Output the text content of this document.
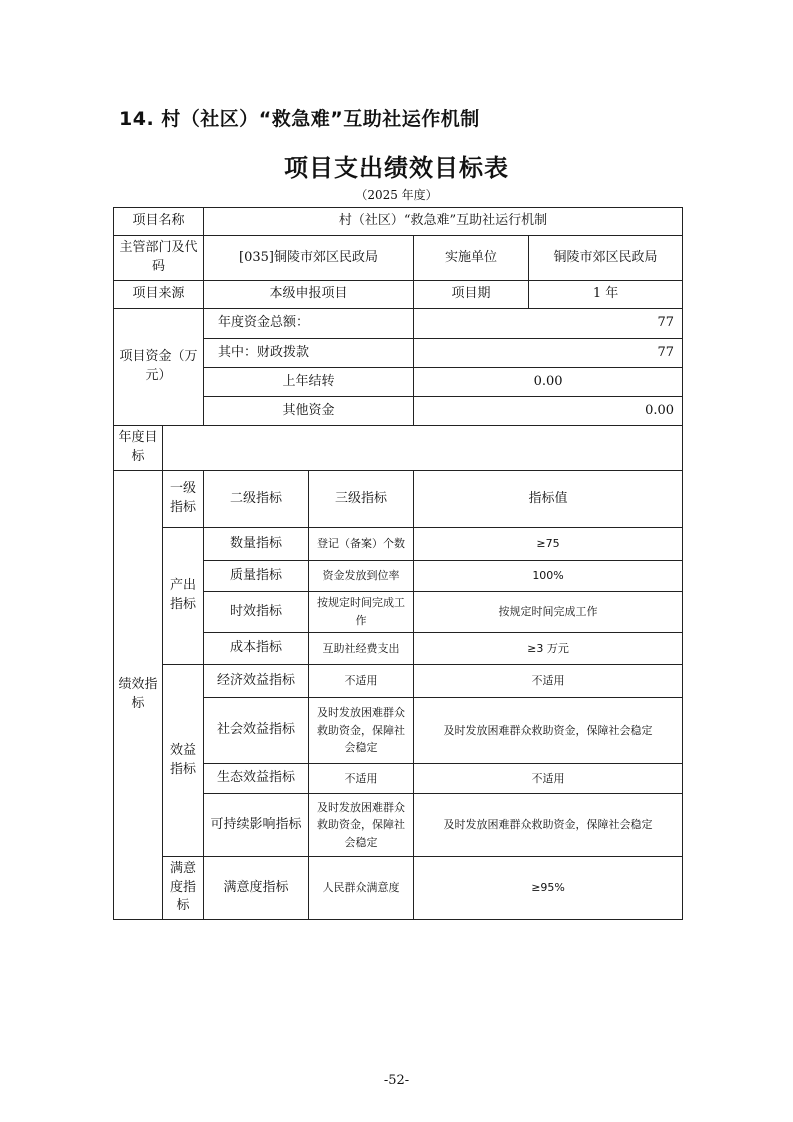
14. 村（社区）“救急难”互助社运作机制
项目支出绩效目标表
（2025 年度）
项目名称		村（社区）“救急难”互助社运行机制			
主管部门及代码		[035]铜陵市郊区民政局		实施单位	铜陵市郊区民政局
项目来源		本级申报项目		项目期	1 年
项目资金（万元）		年度资金总额：		77	
		其中：财政拨款		77	
		上年结转		0.00	
		其他资金		0.00	
年度目标					
绩效指标	一级指标	二级指标	三级指标	指标值	
	产出指标	数量指标	登记（备案）个数	≥75	
		质量指标	资金发放到位率	100%	
		时效指标	按规定时间完成工作	按规定时间完成工作	
		成本指标	互助社经费支出	≥3 万元	
	效益指标	经济效益指标	不适用	不适用	
		社会效益指标	及时发放困难群众救助资金，保障社会稳定	及时发放困难群众救助资金，保障社会稳定	
		生态效益指标	不适用	不适用	
		可持续影响指标	及时发放困难群众救助资金，保障社会稳定	及时发放困难群众救助资金，保障社会稳定	
	满意度指标	满意度指标	人民群众满意度	≥95%	
-52-
